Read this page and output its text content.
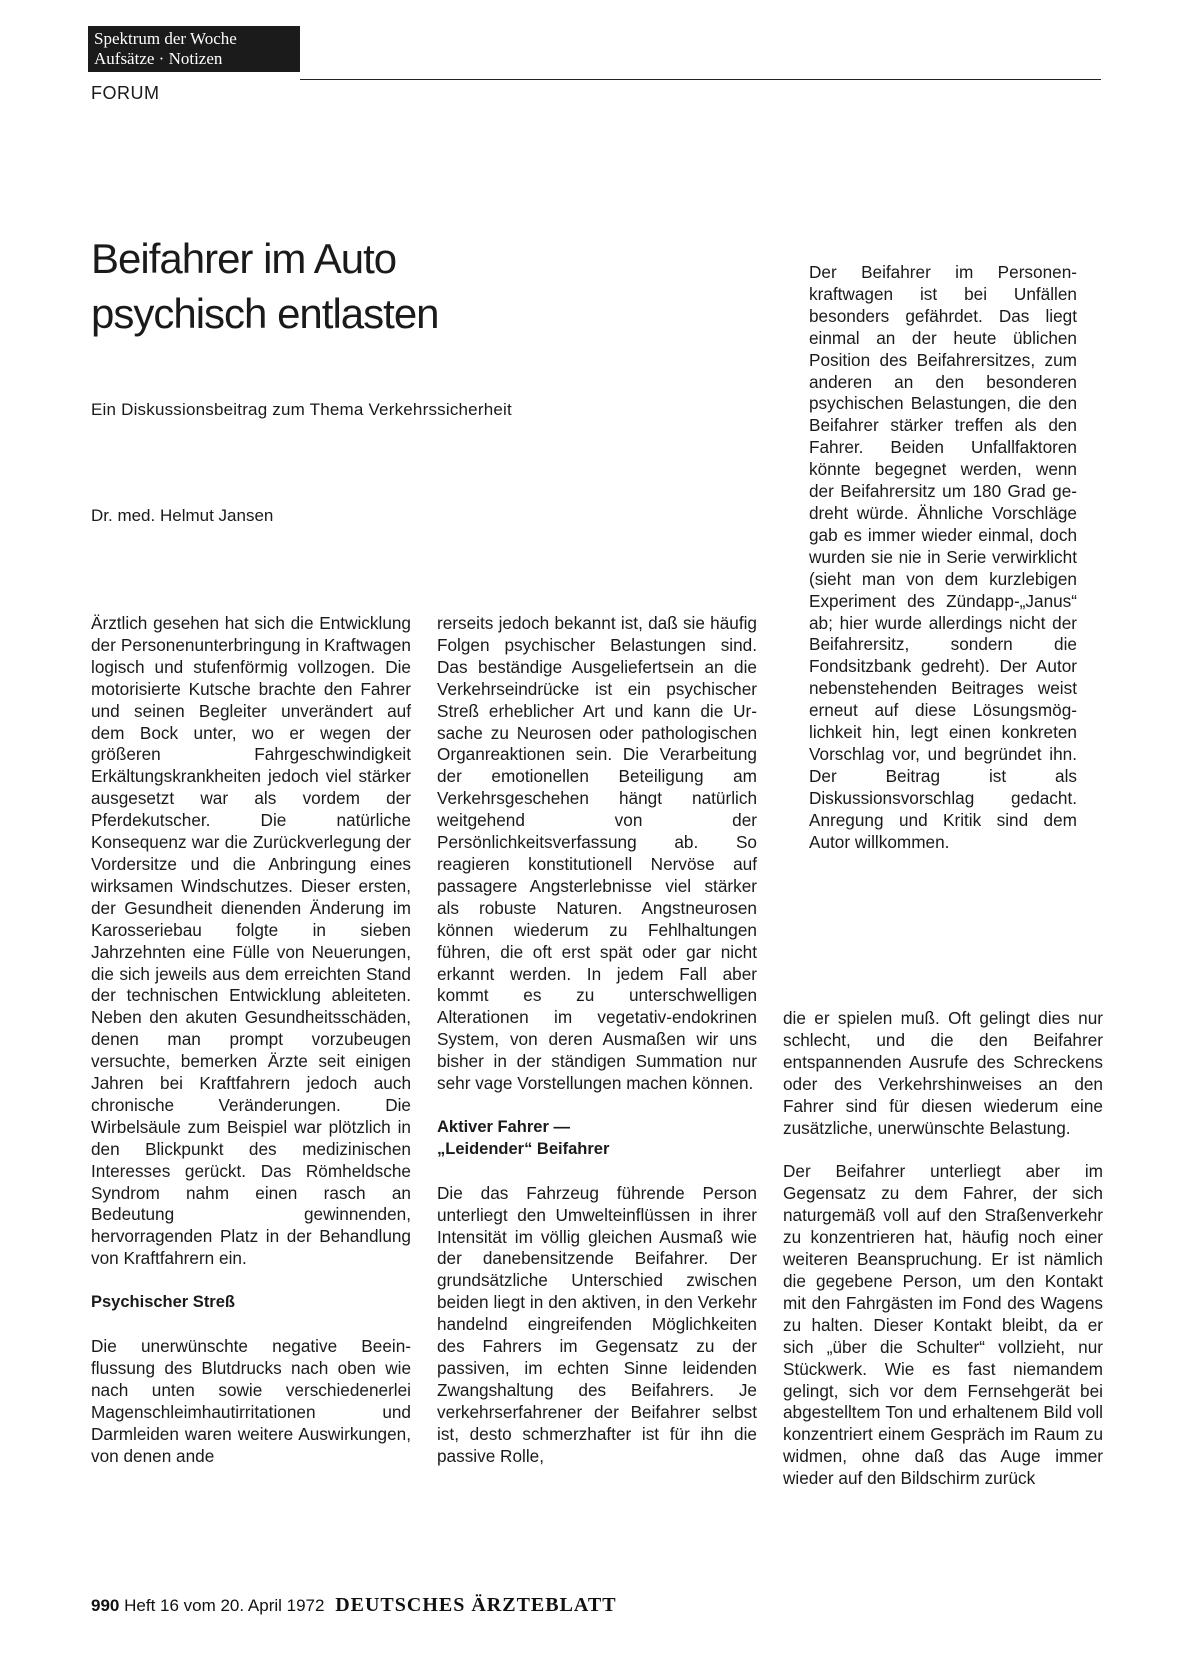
Spektrum der Woche
Aufsätze · Notizen
FORUM
Beifahrer im Auto
psychisch entlasten
Ein Diskussionsbeitrag zum Thema Verkehrssicherheit
Dr. med. Helmut Jansen

Der Beifahrer im Personenkraftwagen ist bei Unfällen besonders gefährdet. Das liegt einmal an der heute üblichen Position des Beifahrersitzes, zum anderen an den besonderen psychischen Belastungen, die den Beifahrer stärker treffen als den Fahrer. Beiden Unfallfaktoren könnte begegnet werden, wenn der Beifahrersitz um 180 Grad gedreht würde. Ähnliche Vorschläge gab es immer wieder einmal, doch wurden sie nie in Serie verwirklicht (sieht man von dem kurzlebigen Experiment des Zündapp-„Janus“ ab; hier wurde allerdings nicht der Beifahrersitz, sondern die Fondsitzbank gedreht). Der Autor nebenstehenden Beitrages weist erneut auf diese Lösungsmöglichkeit hin, legt einen konkreten Vorschlag vor, und begründet ihn. Der Beitrag ist als Diskussionsvorschlag gedacht. Anregung und Kritik sind dem Autor willkommen.

Ärztlich gesehen hat sich die Entwicklung der Personenunterbringung in Kraftwagen logisch und stufenförmig vollzogen. Die motorisierte Kutsche brachte den Fahrer und seinen Begleiter unverändert auf dem Bock unter, wo er wegen der größeren Fahrgeschwindigkeit Erkältungskrankheiten jedoch viel stärker ausgesetzt war als vordem der Pferdekutscher. Die natürliche Konsequenz war die Zurückverlegung der Vordersitze und die Anbringung eines wirksamen Windschutzes. Dieser ersten, der Gesundheit dienenden Änderung im Karosseriebau folgte in sieben Jahrzehnten eine Fülle von Neuerungen, die sich jeweils aus dem erreichten Stand der technischen Entwicklung ableiteten. Neben den akuten Gesundheitsschäden, denen man prompt vorzubeugen versuchte, bemerken Ärzte seit einigen Jahren bei Kraftfahrern jedoch auch chronische Veränderungen. Die Wirbelsäule zum Beispiel war plötzlich in den Blickpunkt des medizinischen Interesses gerückt. Das Römheldsche Syndrom nahm einen rasch an Bedeutung gewinnenden, hervorragenden Platz in der Behandlung von Kraftfahrern ein.

Psychischer Streß

Die unerwünschte negative Beeinflussung des Blutdrucks nach oben wie nach unten sowie verschiedenerlei Magenschleimhautirritationen und Darmleiden waren weitere Auswirkungen, von denen ande

rerseits jedoch bekannt ist, daß sie häufig Folgen psychischer Belastungen sind. Das beständige Ausgeliefertsein an die Verkehrseindrücke ist ein psychischer Streß erheblicher Art und kann die Ursache zu Neurosen oder pathologischen Organreaktionen sein. Die Verarbeitung der emotionellen Beteiligung am Verkehrsgeschehen hängt natürlich weitgehend von der Persönlichkeitsverfassung ab. So reagieren konstitutionell Nervöse auf passagere Angsterlebnisse viel stärker als robuste Naturen. Angstneurosen können wiederum zu Fehlhaltungen führen, die oft erst spät oder gar nicht erkannt werden. In jedem Fall aber kommt es zu unterschwelligen Alterationen im vegetativ-endokrinen System, von deren Ausmaßen wir uns bisher in der ständigen Summation nur sehr vage Vorstellungen machen können.

Aktiver Fahrer —
„Leidender“ Beifahrer

Die das Fahrzeug führende Person unterliegt den Umwelteinflüssen in ihrer Intensität im völlig gleichen Ausmaß wie der danebensitzende Beifahrer. Der grundsätzliche Unterschied zwischen beiden liegt in den aktiven, in den Verkehr handelnd eingreifenden Möglichkeiten des Fahrers im Gegensatz zu der passiven, im echten Sinne leidenden Zwangshaltung des Beifahrers. Je verkehrserfahrener der Beifahrer selbst ist, desto schmerzhafter ist für ihn die passive Rolle,

die er spielen muß. Oft gelingt dies nur schlecht, und die den Beifahrer entspannenden Ausrufe des Schreckens oder des Verkehrshinweises an den Fahrer sind für diesen wiederum eine zusätzliche, unerwünschte Belastung.

Der Beifahrer unterliegt aber im Gegensatz zu dem Fahrer, der sich naturgemäß voll auf den Straßenverkehr zu konzentrieren hat, häufig noch einer weiteren Beanspruchung. Er ist nämlich die gegebene Person, um den Kontakt mit den Fahrgästen im Fond des Wagens zu halten. Dieser Kontakt bleibt, da er sich „über die Schulter“ vollzieht, nur Stückwerk. Wie es fast niemandem gelingt, sich vor dem Fernsehgerät bei abgestelltem Ton und erhaltenem Bild voll konzentriert einem Gespräch im Raum zu widmen, ohne daß das Auge immer wieder auf den Bildschirm zurück

990 Heft 16 vom 20. April 1972 DEUTSCHES ÄRZTEBLATT
